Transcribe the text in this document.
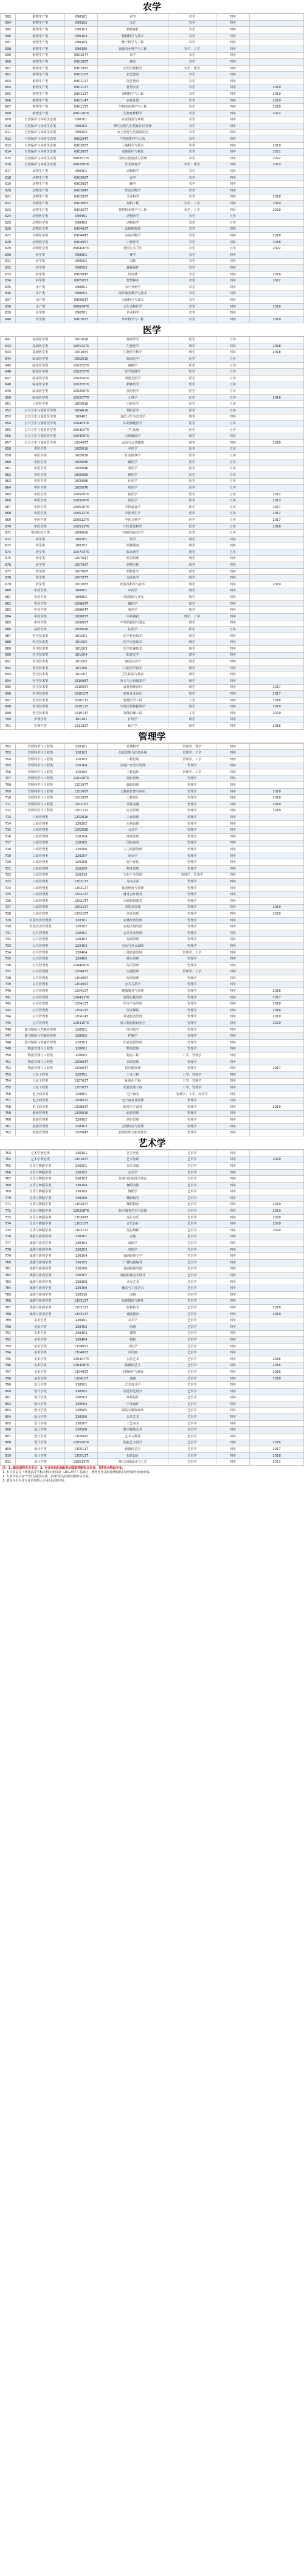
农学
593	植物生产类	090101	农学	农学	四年	
594	植物生产类	090102	园艺	农学	四年	
595	植物生产类	090103	植物保护	农学	四年	
596	植物生产类	090104	植物科学与技术	农学	四年	
597	植物生产类	090105	种子科学与工程	农学	四年	
598	植物生产类	090106	设施农业科学与工程	农学、工学	四年	
599	植物生产类	090107T	茶学	农学	四年	
600	植物生产类	090108T	烟草	农学	四年	
601	植物生产类	090109T	应用生物科学	农学、理学	四年	
602	植物生产类	090110T	农艺教育	农学	四年	
603	植物生产类	090111T	园艺教育	农学	四年	
604	植物生产类	090112T	智慧农业	农学	四年	2019
605	植物生产类	090113T	菌物科学与工程	农学	四年	2019
606	植物生产类	090114T	农药化肥	农学	四年	2019
607	植物生产类	090115T	生物农药科学与工程	农学	四年	2020
608	植物生产类	090116TK	生物育种科学	农学	四年	2022
609	自然保护与环境生态类	090201	农业资源与环境	农学	四年	
610	自然保护与环境生态类	090202	野生动物与自然保护区管理	农学	四年	
611	自然保护与环境生态类	090203	水土保持与荒漠化防治	农学	四年	
612	自然保护与环境生态类	090204T	生物质科学与工程	农学	四年	
613	自然保护与环境生态类	090205T	土地科学与技术	农学	四年	2019
614	自然保护与环境生态类	090206T	湿地保护与恢复	农学	四年	2021
615	自然保护与环境生态类	090207TK	国家公园建设与管理	农学	四年	2022
616	自然保护与环境生态类	090208TK	生态修复学	农学、理学	四年	2023
617	动物生产类	090301	动物科学	农学	四年	
618	动物生产类	090302T	蚕学	农学	四年	
619	动物生产类	090303T	蜂学	农学	四年	
620	动物生产类	090304T	经济动物学	农学	四年	
621	动物生产类	090305T	马业科学	农学	四年	2018
622	动物生产类	090306T	饲料工程	农学、工学	四年	2019
623	动物生产类	090307T	智慧牧业科学与工程	农学、工学	四年	2020
624	动物医学类	090401	动物医学	农学	五年	
625	动物医学类	090402	动物药学	农学	五年	
626	动物医学类	090403T	动植物检疫	农学	四年	
627	动物医学类	090404T	实验动物学	农学	四年	2018
628	动物医学类	090405T	中兽医学	农学	四年	2018
629	动物医学类	090406TK	兽医公共卫生	农学	五年	2022
630	林学类	090501	林学	农学	四年	
631	林学类	090502	园林	农学	四年	
632	林学类	090503	森林保护	农学	四年	
633	林学类	090504T	经济林	农学	四年	2018
634	林学类	090505T	智慧林业	农学	四年	2022
635	水产类	090601	水产养殖学	农学	四年	
636	水产类	090602	海洋渔业科学与技术	农学	四年	
637	水产类	090603T	水族科学与技术	农学	四年	
638	水产类	090604TK	水生动物医学	农学	四年	2016
639	草学类	090701	草业科学	农学	四年	
640	草学类	090702T	草坪科学与工程	农学	四年	2019
医学
641	基础医学类	100101K	基础医学	医学	五年	
642	基础医学类	100102TK	生物医学	理学	四年	2018
643	基础医学类	100103T	生物医学科学	理学	四年	2018
644	临床医学类	100201K	临床医学	医学	五年	
645	临床医学类	100202TK	麻醉学	医学	五年	
646	临床医学类	100203TK	医学影像学	医学	五年	
647	临床医学类	100204TK	眼视光医学	医学	五年	
648	临床医学类	100205TK	精神医学	医学	五年	
649	临床医学类	100206TK	放射医学	医学	五年	
650	临床医学类	100207TK	儿科学	医学	五年	2016
651	口腔医学类	100301K	口腔医学	医学	五年	
652	公共卫生与预防医学类	100401K	预防医学	医学	五年	
653	公共卫生与预防医学类	100402	食品卫生与营养学	理学	四年	
654	公共卫生与预防医学类	100403TK	妇幼保健医学	医学	五年	
655	公共卫生与预防医学类	100404TK	卫生监督	医学	五年	
656	公共卫生与预防医学类	100405TK	全球健康学	理学	四年	
657	公共卫生与预防医学类	100406T	运动与公共健康	理学	四年	2020
658	中医学类	100501K	中医学	医学	五年	
659	中医学类	100502K	针灸推拿学	医学	五年	
660	中医学类	100503K	藏医学	医学	五年	
661	中医学类	100504K	蒙医学	医学	五年	
662	中医学类	100505K	维医学	医学	五年	
663	中医学类	100506K	壮医学	医学	五年	
664	中医学类	100507K	哈医学	医学	五年	
665	中医学类	100508TK	傣医学	医学	五年	2012
666	中医学类	100509TK	回医学	医学	五年	2013
667	中医学类	100510TK	中医康复学	医学	五年	2017
668	中医学类	100511TK	中医养生学	医学	五年	2017
669	中医学类	100512TK	中医儿科学	医学	五年	2017
670	中医学类	100513TK	中医骨伤科学	医学	五年	2018
671	中西医结合类	100601K	中西医临床医学	医学	五年	
672	药学类	100701	药学	理学	四年	
673	药学类	100702	药物制剂	理学	四年	
674	药学类	100703TK	临床药学	理学	五年	
675	药学类	100704T	药事管理	理学	四年	
676	药学类	100705T	药物分析	理学	四年	
677	药学类	100706T	药物化学	理学	四年	
678	药学类	100707T	海洋药学	理学	四年	
679	药学类	100708T	化妆品科学与技术	理学	四年	2019
680	中药学类	100801	中药学	理学	四年	
681	中药学类	100802	中药资源与开发	理学	四年	
682	中药学类	100803T	藏药学	理学	四年	
683	中药学类	100804T	蒙药学	理学	四年	
684	中药学类	100805T	中药制药	理学、工学	四年	
685	中药学类	100806T	中草药栽培与鉴定	理学	四年	
686	法医学类	100901K	法医学	医学	五年	
687	医学技术类	101001	医学检验技术	理学	四年	
688	医学技术类	101002	医学实验技术	理学	四年	
689	医学技术类	101003	医学影像技术	理学	四年	
690	医学技术类	101004	眼视光学	理学	四年	
691	医学技术类	101005	康复治疗学	理学	四年	
692	医学技术类	101006	口腔医学技术	理学	四年	
693	医学技术类	101007	卫生检验与检疫	理学	四年	
694	医学技术类	101008T	听力与言语康复学	理学	四年	
695	医学技术类	101009T	康复物理治疗	理学	四年	2017
696	医学技术类	101010T	康复作业治疗	理学	四年	2017
697	医学技术类	101011T	智能医学工程	工学	四年	2018
698	医学技术类	101012T	生物医药数据科学	理学	四年	2019
699	医学技术类	101013T	智能影像工程	工学	四年	2020
700	护理学类	101101	护理学	理学	四年	
701	护理学类	101102T	助产学	理学	四年	2016
管理学
702	管理科学与工程类	120101	管理科学	管理学、理学	四年	
703	管理科学与工程类	120102	信息管理与信息系统	管理学、工学	四年	
704	管理科学与工程类	120103	工程管理	管理学、工学	四年	
705	管理科学与工程类	120104	房地产开发与管理	管理学	四年	
706	管理科学与工程类	120105	工程造价	管理学、工学	四年	
707	管理科学与工程类	120106TK	保密管理	管理学	四年	
708	管理科学与工程类	120107T	邮政管理	管理学	四年	
709	管理科学与工程类	120108T	大数据管理与应用	管理学	四年	2018
710	管理科学与工程类	120109T	工程审计	管理学	四年	2018
711	管理科学与工程类	120110T	计算金融	管理学	四年	2019
712	管理科学与工程类	120111T	应急管理	管理学	四年	2019
713	工商管理类	120201K	工商管理	管理学	四年	
714	工商管理类	120202	市场营销	管理学	四年	
715	工商管理类	120203K	会计学	管理学	四年	
716	工商管理类	120204	财务管理	管理学	四年	
717	工商管理类	120205	国际商务	管理学	四年	
718	工商管理类	120206	人力资源管理	管理学	四年	
719	工商管理类	120207	审计学	管理学	四年	
720	工商管理类	120208	资产评估	管理学	四年	
721	工商管理类	120209	物业管理	管理学	四年	
722	工商管理类	120210	文化产业管理	管理学、艺术学	四年	
723	工商管理类	120211T	劳动关系	管理学	四年	
724	工商管理类	120212T	体育经济与管理	管理学	四年	
725	工商管理类	120213T	财务会计教育	管理学	四年	
726	工商管理类	120214T	市场营销教育	管理学	四年	
727	工商管理类	120215T	零售业管理	管理学	四年	2019
728	工商管理类	120216T	创业管理	管理学	四年	2020
729	农业经济管理类	120301	农林经济管理	管理学	四年	
730	农业经济管理类	120302	农村区域发展	管理学	四年	
731	公共管理类	120401	公共事业管理	管理学	四年	
732	公共管理类	120402	行政管理	管理学	四年	
733	公共管理类	120403	劳动与社会保障	管理学	四年	
734	公共管理类	120404	土地资源管理	管理学、工学	四年	
735	公共管理类	120405	城市管理	管理学	四年	
736	公共管理类	120406TK	海关管理	管理学	四年	
737	公共管理类	120407T	交通管理	管理学、工学	四年	
738	公共管理类	120408T	海事管理	管理学	四年	
739	公共管理类	120409T	公共关系学	管理学	四年	
740	公共管理类	120410T	健康服务与管理	管理学	四年	2016
741	公共管理类	120411TK	海警后勤管理	管理学	四年	2017
742	公共管理类	120412T	医疗产品管理	管理学	四年	2018
743	公共管理类	120413T	医疗保险	管理学	四年	2018
744	公共管理类	120414T	养老服务管理	管理学	四年	2019
745	公共管理类	120415TK	海关检验检疫安全	管理学	四年	2020
746	图书情报与档案管理类	120501	图书馆学	管理学	四年	
747	图书情报与档案管理类	120502	档案学	管理学	四年	
748	图书情报与档案管理类	120503	信息资源管理	管理学	四年	
749	物流管理与工程类	120601	物流管理	管理学	四年	
750	物流管理与工程类	120602	物流工程	工学、管理学	四年	
751	物流管理与工程类	120603T	采购管理	管理学	四年	
752	物流管理与工程类	120604T	供应链管理	管理学	四年	2017
753	工业工程类	120701	工业工程	工学、管理学	四年	
754	工业工程类	120702T	标准化工程	工学、管理学	四年	
755	工业工程类	120703T	质量管理工程	工学、管理学	四年	
756	电子商务类	120801	电子商务	管理学、工学、经济学	四年	
757	电子商务类	120802T	电子商务及法律	管理学	四年	
758	电子商务类	120803T	跨境电子商务	管理学	四年	2019
759	旅游管理类	120901K	旅游管理	管理学	四年	
760	旅游管理类	120902	酒店管理	管理学	四年	
761	旅游管理类	120903	会展经济与管理	管理学	四年	
762	旅游管理类	120904T	旅游管理与服务教育	管理学	四年	
艺术学
763	艺术学理论类	130101	艺术史论	艺术学	四年	
764	艺术学理论类	130102T	艺术管理	艺术学	四年	2020
765	音乐与舞蹈学类	130201	音乐表演	艺术学	四年	
766	音乐与舞蹈学类	130202	音乐学	艺术学	四年	
767	音乐与舞蹈学类	130203	作曲与作曲技术理论	艺术学	四年	
768	音乐与舞蹈学类	130204	舞蹈表演	艺术学	四年	
769	音乐与舞蹈学类	130205	舞蹈学	艺术学	四年	
770	音乐与舞蹈学类	130206	舞蹈编导	艺术学	四年	
771	音乐与舞蹈学类	130207T	舞蹈教育	艺术学	四年	2019
772	音乐与舞蹈学类	130208TK	航空服务艺术与管理	艺术学	四年	2019
773	音乐与舞蹈学类	130209T	流行音乐	艺术学	四年	2020
774	音乐与舞蹈学类	130210T	音乐治疗	艺术学	四年	2020
775	音乐与舞蹈学类	130211T	流行舞蹈	艺术学	四年	2020
776	戏剧与影视学类	130301	表演	艺术学	四年	
777	戏剧与影视学类	130302	戏剧学	艺术学	四年	
778	戏剧与影视学类	130303	电影学	艺术学	四年	
779	戏剧与影视学类	130304	戏剧影视文学	艺术学	四年	
780	戏剧与影视学类	130305	广播电视编导	艺术学	四年	
781	戏剧与影视学类	130306	戏剧影视导演	艺术学	四年	
782	戏剧与影视学类	130307	戏剧影视美术设计	艺术学	四年	
783	戏剧与影视学类	130308	录音艺术	艺术学	四年	
784	戏剧与影视学类	130309	播音与主持艺术	艺术学	四年	
785	戏剧与影视学类	130310	动画	艺术学	四年	
786	戏剧与影视学类	130311T	影视摄影与制作	艺术学	四年	
787	戏剧与影视学类	130312T	影视技术	艺术学	四年	2018
788	戏剧与影视学类	130313T	戏剧教育	艺术学	四年	2019
789	美术学类	130401	美术学	艺术学	四年	
790	美术学类	130402	绘画	艺术学	四年	
791	美术学类	130403	雕塑	艺术学	四年	
792	美术学类	130404	摄影	艺术学	四年	
793	美术学类	130405T	书法学	艺术学	四年	
794	美术学类	130406T	中国画	艺术学	四年	
795	美术学类	130407TK	实验艺术	艺术学	四年	2016
796	美术学类	130408TK	跨媒体艺术	艺术学	四年	2016
797	美术学类	130409T	文物保护与修复	艺术学	四年	2016
798	美术学类	130410T	漫画	艺术学	四年	2018
799	设计学类	130501	艺术设计学	艺术学	四年	
800	设计学类	130502	视觉传达设计	艺术学	四年	
801	设计学类	130503	环境设计	艺术学	四年	
802	设计学类	130504	产品设计	艺术学	四年	
803	设计学类	130505	服装与服饰设计	艺术学	四年	
804	设计学类	130506	公共艺术	艺术学	四年	
805	设计学类	130507	工艺美术	艺术学	四年	
806	设计学类	130508	数字媒体艺术	艺术学	四年	
807	设计学类	130509T	艺术与科技	艺术学	四年	
808	设计学类	130510TK	陶瓷艺术设计	艺术学	四年	2016
809	设计学类	130511T	新媒体艺术	艺术学	四年	2017
810	设计学类	130512T	包装设计	艺术学	四年	2018
811	设计学类	130513TK	珠宝首饰设计与工艺	艺术学	四年	2021
注：1. 新设国控布点专业；2. 专业代码后加K表示国家控制布点专业，加T表示特设专业。
1. 本目录是在《普通高等学校本科专业目录（2012年）》基础上，增补近年来批准增设的目录外新专业而形成。
2. 专业代码后加"T"的为特设专业，加"K"的为国家控制布点专业。
3. 增设年份为该专业首次列入专业目录的年份。
